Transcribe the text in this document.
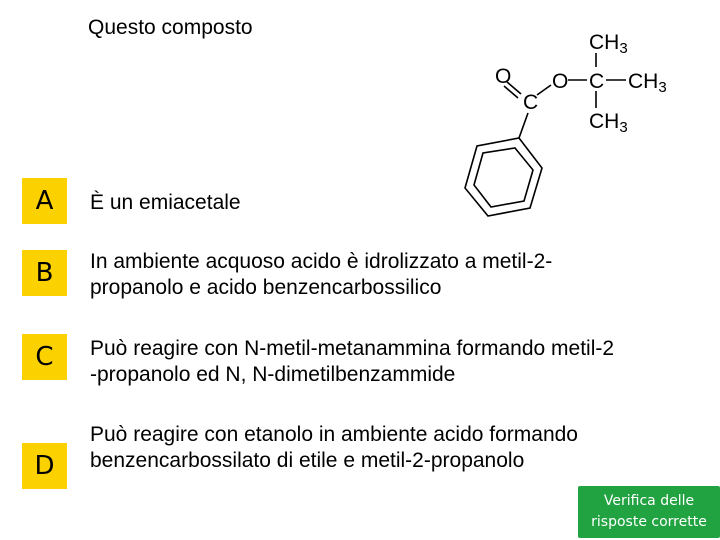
Questo composto
O
C
O C
CH3
CH3
CH3
A	È un emiacetale
B	In ambiente acquoso acido è idrolizzato a metil-2-
propanolo e acido benzencarbossilico
C	Può reagire con N-metil-metanammina formando metil-2
-propanolo ed N, N-dimetilbenzammide
D
Può reagire con etanolo in ambiente acido formando
benzencarbossilato di etile e metil-2-propanolo
Verifica delle
risposte corrette
